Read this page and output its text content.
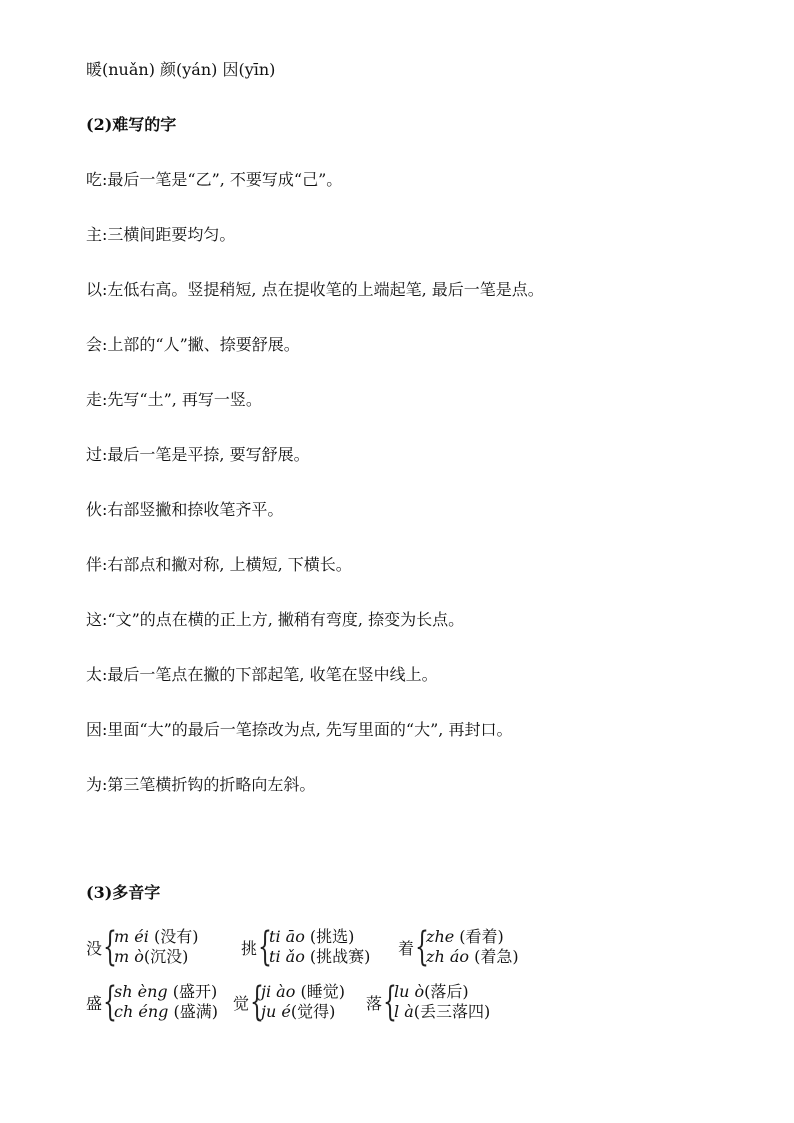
暖(nuǎn) 颜(yán) 因(yīn)
(2)难写的字
吃:最后一笔是“乙”, 不要写成“己”。
主:三横间距要均匀。
以:左低右高。竖提稍短, 点在提收笔的上端起笔, 最后一笔是点。
会:上部的“人”撇、捺要舒展。
走:先写“土”, 再写一竖。
过:最后一笔是平捺, 要写舒展。
伙:右部竖撇和捺收笔齐平。
伴:右部点和撇对称, 上横短, 下横长。
这:“文”的点在横的正上方, 撇稍有弯度, 捺变为长点。
太:最后一笔点在撇的下部起笔, 收笔在竖中线上。
因:里面“大”的最后一笔捺改为点, 先写里面的“大”, 再封口。
为:第三笔横折钩的折略向左斜。
(3)多音字
没 {
m éi (没有)
m ò(沉没)	挑 {
ti āo (挑选)
ti ǎo (挑战赛) 着 {
zhe (看着)
zh áo (着急)
盛 {
sh èng (盛开)
ch éng (盛满) 觉 {
ji ào (睡觉)
ju é(觉得)	落 {
lu ò(落后)
l à(丢三落四)
